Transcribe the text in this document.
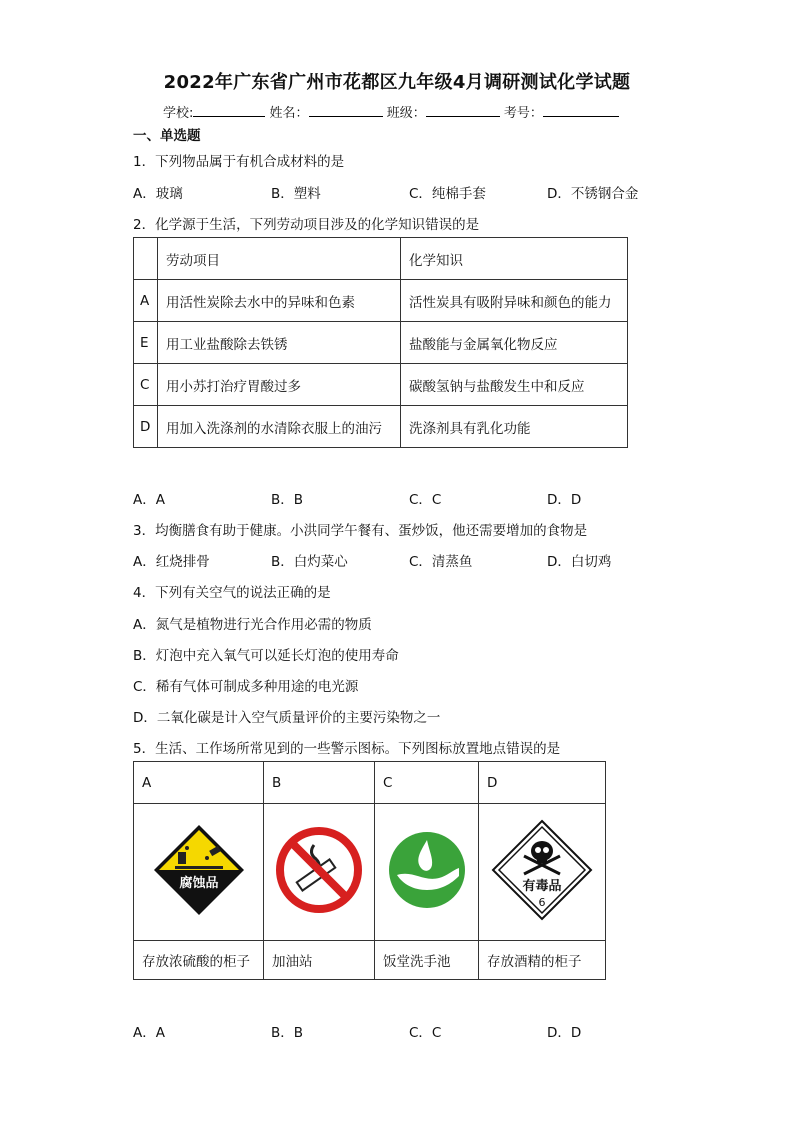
2022年广东省广州市花都区九年级4月调研测试化学试题
学校:	姓名：	班级：	考号：
一、单选题
1．下列物品属于有机合成材料的是
A．玻璃	B．塑料	C．纯棉手套	D．不锈钢合金
2．化学源于生活，下列劳动项目涉及的化学知识错误的是
	劳动项目	化学知识
A	用活性炭除去水中的异味和色素	活性炭具有吸附异味和颜色的能力
E	用工业盐酸除去铁锈	盐酸能与金属氧化物反应
C	用小苏打治疗胃酸过多	碳酸氢钠与盐酸发生中和反应
D	用加入洗涤剂的水清除衣服上的油污	洗涤剂具有乳化功能
A．A	B．B	C．C	D．D
3．均衡膳食有助于健康。小洪同学午餐有、蛋炒饭，他还需要增加的食物是
A．红烧排骨	B．白灼菜心	C．清蒸鱼	D．白切鸡
4．下列有关空气的说法正确的是
A．氮气是植物进行光合作用必需的物质
B．灯泡中充入氧气可以延长灯泡的使用寿命
C．稀有气体可制成多种用途的电光源
D．二氧化碳是计入空气质量评价的主要污染物之一
5．生活、工作场所常见到的一些警示图标。下列图标放置地点错误的是
A	B	C	D

腐蚀品			有毒品
6

存放浓硫酸的柜子	加油站	饭堂洗手池	存放酒精的柜子
A．A	B．B	C．C	D．D
